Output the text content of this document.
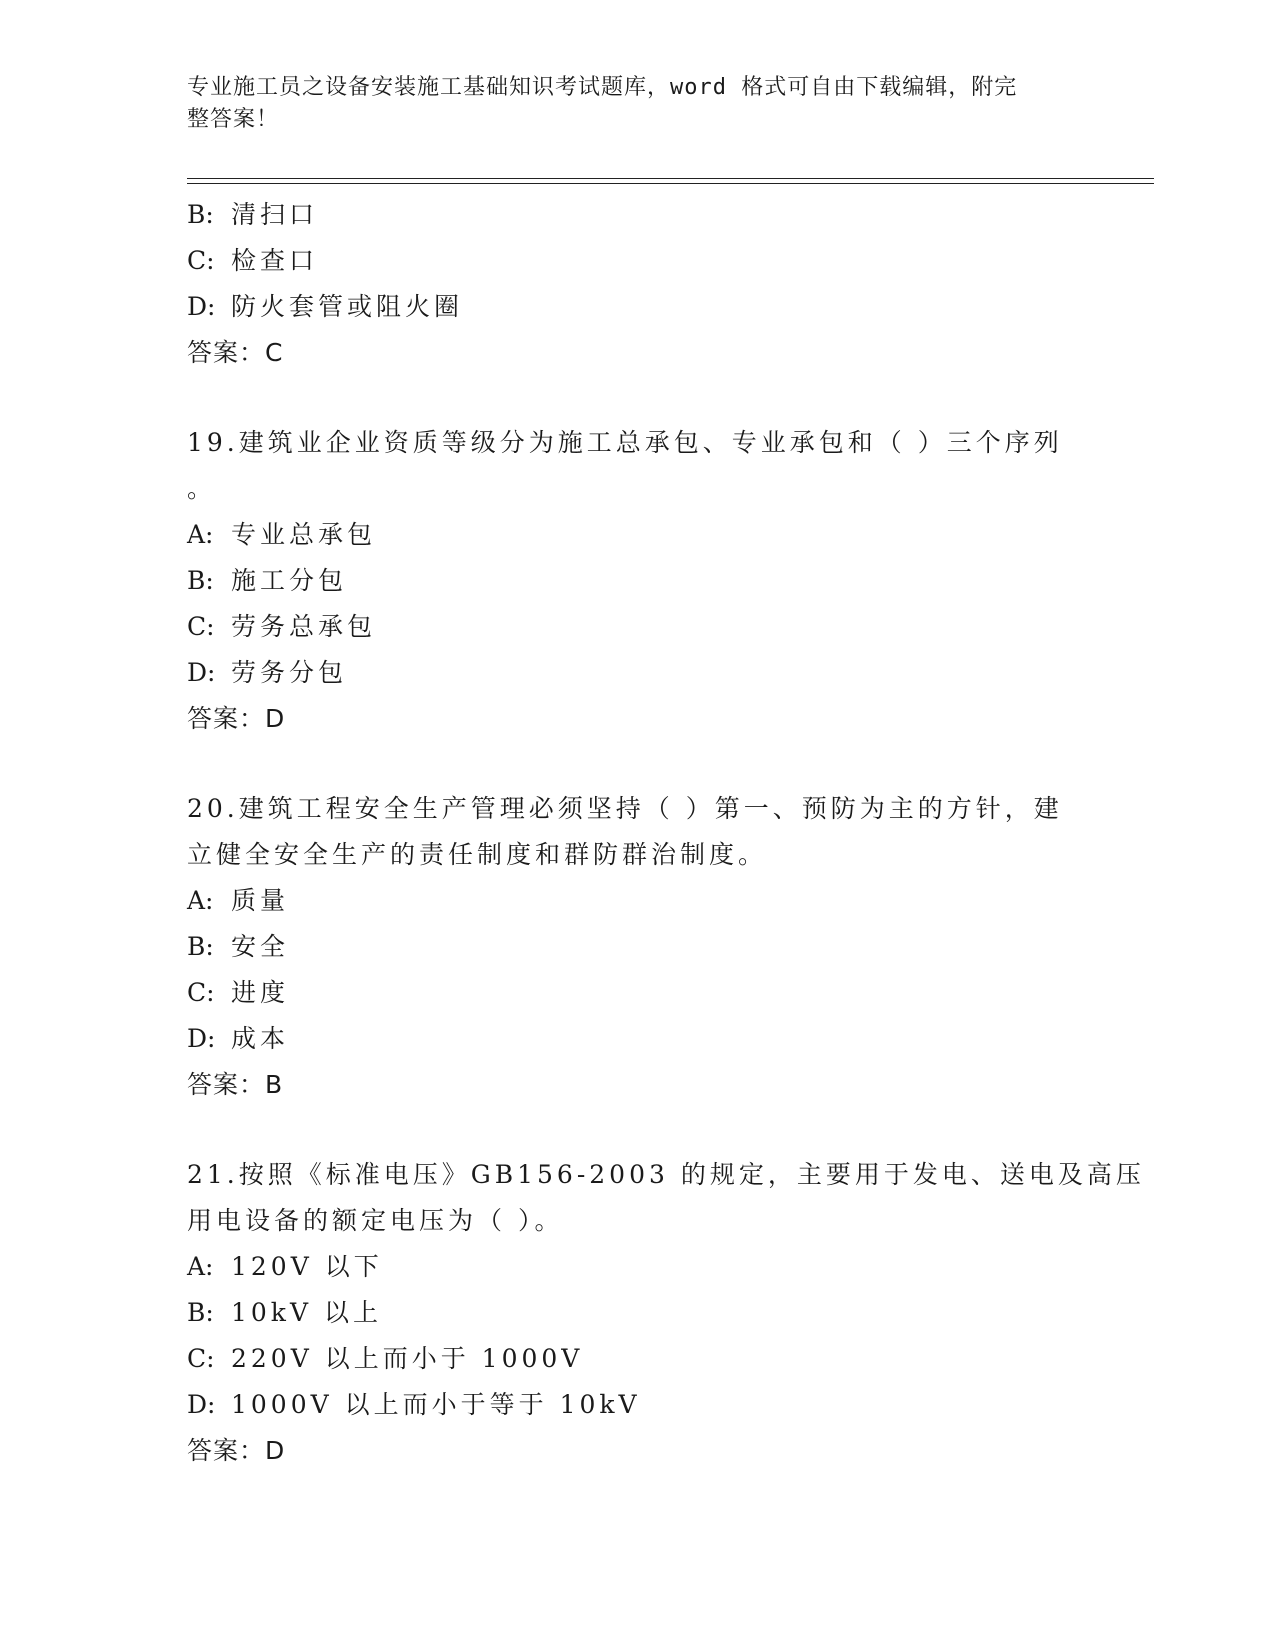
专业施工员之设备安装施工基础知识考试题库，word 格式可自由下载编辑，附完
整答案！
B: 清扫口
C: 检查口
D: 防火套管或阻火圈
答案：C
19.建筑业企业资质等级分为施工总承包、专业承包和（ ）三个序列
。
A: 专业总承包
B: 施工分包
C: 劳务总承包
D: 劳务分包
答案：D
20.建筑工程安全生产管理必须坚持（ ）第一、预防为主的方针，建
立健全安全生产的责任制度和群防群治制度。
A: 质量
B: 安全
C: 进度
D: 成本
答案：B
21.按照《标准电压》GB156-2003 的规定，主要用于发电、送电及高压
用电设备的额定电压为（ ）。
A: 120V 以下
B: 10kV 以上
C: 220V 以上而小于 1000V
D: 1000V 以上而小于等于 10kV
答案：D
